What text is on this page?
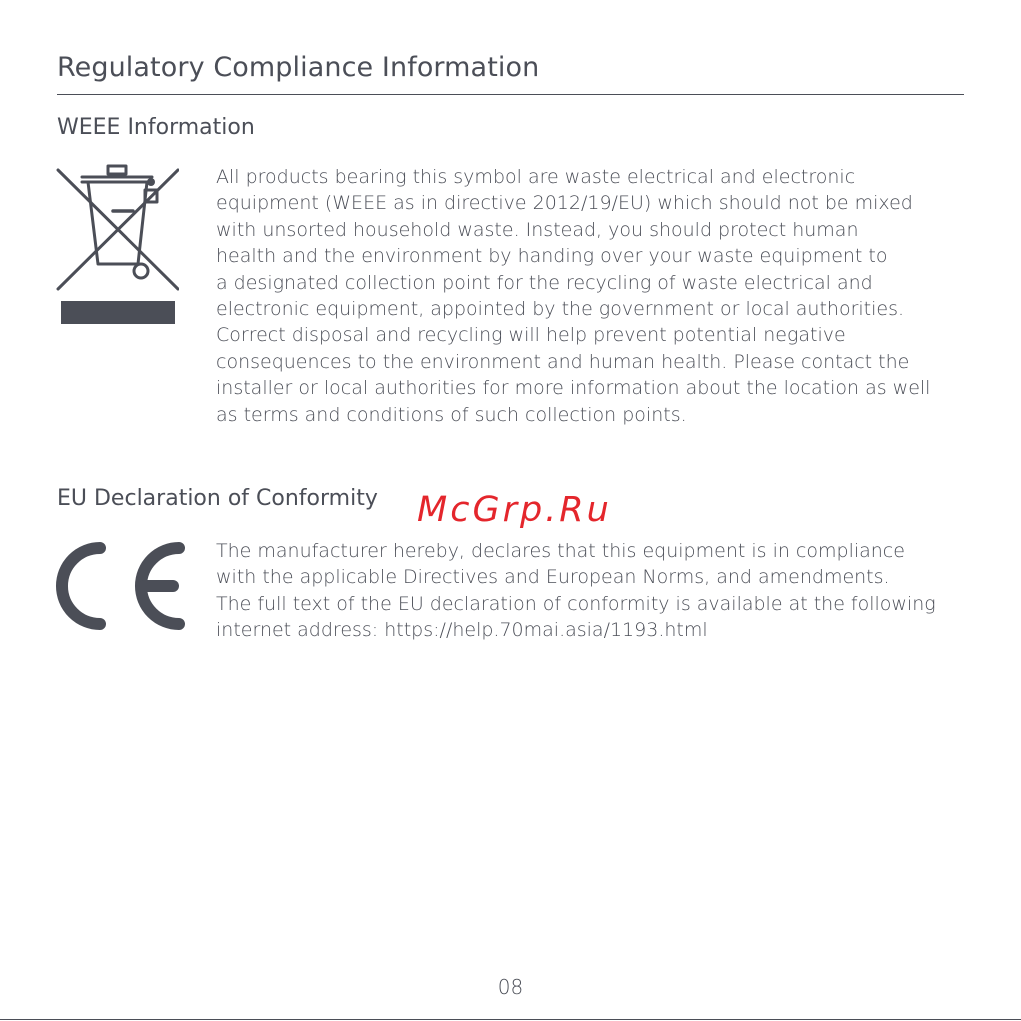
Regulatory Compliance Information
WEEE Information
All products bearing this symbol are waste electrical and electronic
equipment (WEEE as in directive 2012/19/EU) which should not be mixed
with unsorted household waste. Instead, you should protect human
health and the environment by handing over your waste equipment to
a designated collection point for the recycling of waste electrical and
electronic equipment, appointed by the government or local authorities.
Correct disposal and recycling will help prevent potential negative
consequences to the environment and human health. Please contact the
installer or local authorities for more information about the location as well
as terms and conditions of such collection points.
EU Declaration of Conformity McGrp.Ru
The manufacturer hereby, declares that this equipment is in compliance
with the applicable Directives and European Norms, and amendments.
The full text of the EU declaration of conformity is available at the following
internet address: https://help.70mai.asia/1193.html
08
